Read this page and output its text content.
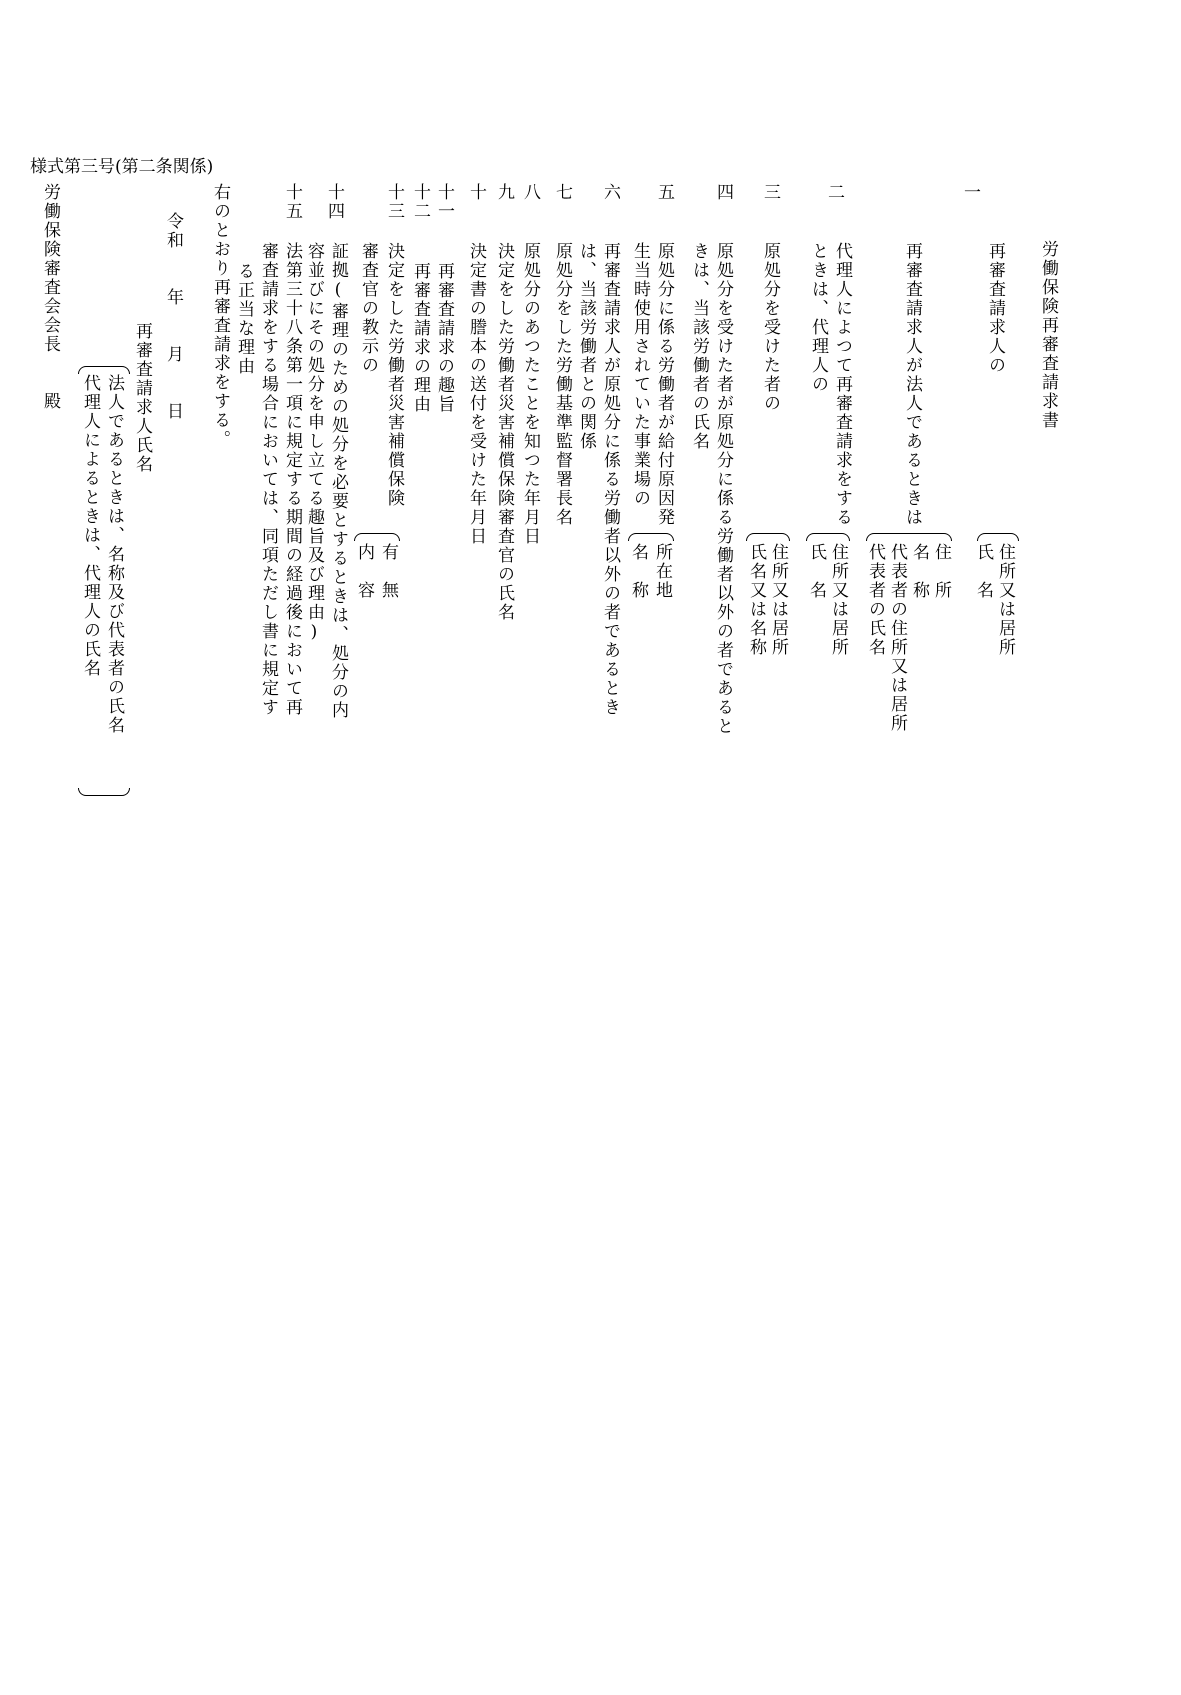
様式第三号(第二条関係)
労働保険再審査請求書
一
再審査請求人の
住所又は居所
氏　名
再審査請求人が法人であるときは
住　所
名　称
代表者の住所又は居所
代表者の氏名
二
代理人によつて再審査請求をする
ときは、代理人の
住所又は居所
氏　名
三
原処分を受けた者の
住所又は居所
氏名又は名称
四
原処分を受けた者が原処分に係る労働者以外の者であると
きは、当該労働者の氏名
五
原処分に係る労働者が給付原因発
生当時使用されていた事業場の
所在地
名　称
六
再審査請求人が原処分に係る労働者以外の者であるとき
は、当該労働者との関係
七
原処分をした労働基準監督署長名
八
原処分のあつたことを知つた年月日
九
決定をした労働者災害補償保険審査官の氏名
十
決定書の謄本の送付を受けた年月日
十一
再審査請求の趣旨
十二
再審査請求の理由
十三
決定をした労働者災害補償保険
審査官の教示の
有　無
内　容
十四
証拠(審理のための処分を必要とするときは、処分の内
容並びにその処分を申し立てる趣旨及び理由)
十五
法第三十八条第一項に規定する期間の経過後において再
審査請求をする場合においては、同項ただし書に規定す
る正当な理由
右のとおり再審査請求をする。
令和　　年　　月　　日
再審査請求人氏名
法人であるときは、名称及び代表者の氏名
代理人によるときは、代理人の氏名
労働保険審査会会長　　殿
